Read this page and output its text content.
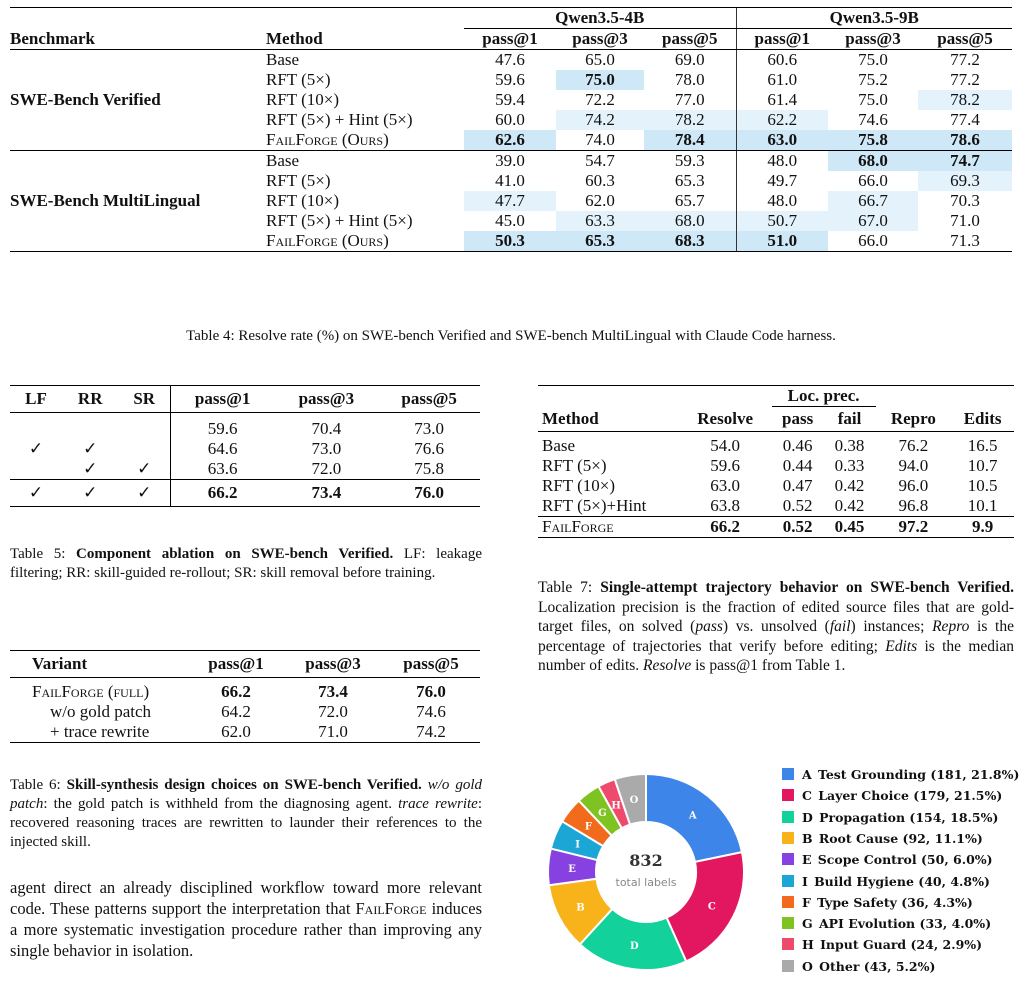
		Qwen3.5-4B			Qwen3.5-9B		
Benchmark	Method	pass@1	pass@3	pass@5	pass@1	pass@3	pass@5
SWE-Bench Verified	Base	47.6	65.0	69.0	60.6	75.0	77.2
	RFT (5×)	59.6	75.0	78.0	61.0	75.2	77.2
	RFT (10×)	59.4	72.2	77.0	61.4	75.0	78.2
	RFT (5×) + Hint (5×)	60.0	74.2	78.2	62.2	74.6	77.4
	FailForge (Ours)	62.6	74.0	78.4	63.0	75.8	78.6
SWE-Bench MultiLingual	Base	39.0	54.7	59.3	48.0	68.0	74.7
	RFT (5×)	41.0	60.3	65.3	49.7	66.0	69.3
	RFT (10×)	47.7	62.0	65.7	48.0	66.7	70.3
	RFT (5×) + Hint (5×)	45.0	63.3	68.0	50.7	67.0	71.0
	FailForge (Ours)	50.3	65.3	68.3	51.0	66.0	71.3
Table 4: Resolve rate (%) on SWE-bench Verified and SWE-bench MultiLingual with Claude Code harness.
LF	RR	SR	pass@1	pass@3	pass@5

			59.6	70.4	73.0
✓	✓		64.6	73.0	76.6
	✓	✓	63.6	72.0	75.8
✓	✓	✓	66.2	73.4	76.0
Table 5: Component ablation on SWE-bench Verified. LF: leakage filtering; RR: skill-guided re-rollout; SR: skill removal before training.
Variant	pass@1	pass@3	pass@5
FailForge (full)	66.2	73.4	76.0
w/o gold patch	64.2	72.0	74.6
+ trace rewrite	62.0	71.0	74.2
Table 6: Skill-synthesis design choices on SWE-bench Verified. w/o gold patch: the gold patch is withheld from the diagnosing agent. trace rewrite: recovered reasoning traces are rewritten to launder their references to the injected skill.
agent direct an already disciplined workflow toward more relevant code. These patterns support the interpretation that FailForge induces a more systematic investigation procedure rather than improving any single behavior in isolation.
		Loc. prec.			
Method	Resolve	pass	fail	Repro	Edits
Base	54.0	0.46	0.38	76.2	16.5
RFT (5×)	59.6	0.44	0.33	94.0	10.7
RFT (10×)	63.0	0.47	0.42	96.0	10.5
RFT (5×)+Hint	63.8	0.52	0.42	96.8	10.1
FailForge	66.2	0.52	0.45	97.2	9.9
Table 7: Single-attempt trajectory behavior on SWE-bench Verified. Localization precision is the fraction of edited source files that are gold-target files, on solved (pass) vs. unsolved (fail) instances; Repro is the percentage of trajectories that verify before editing; Edits is the median number of edits. Resolve is pass@1 from Table 1.
A
C
D
B
E
I
F
G
H O
832
total labels
A  Test Grounding (181, 21.8%)
C  Layer Choice (179, 21.5%)
D  Propagation (154, 18.5%)
B  Root Cause (92, 11.1%)
E  Scope Control (50, 6.0%)
I  Build Hygiene (40, 4.8%)
F  Type Safety (36, 4.3%)
G  API Evolution (33, 4.0%)
H  Input Guard (24, 2.9%)
O  Other (43, 5.2%)
